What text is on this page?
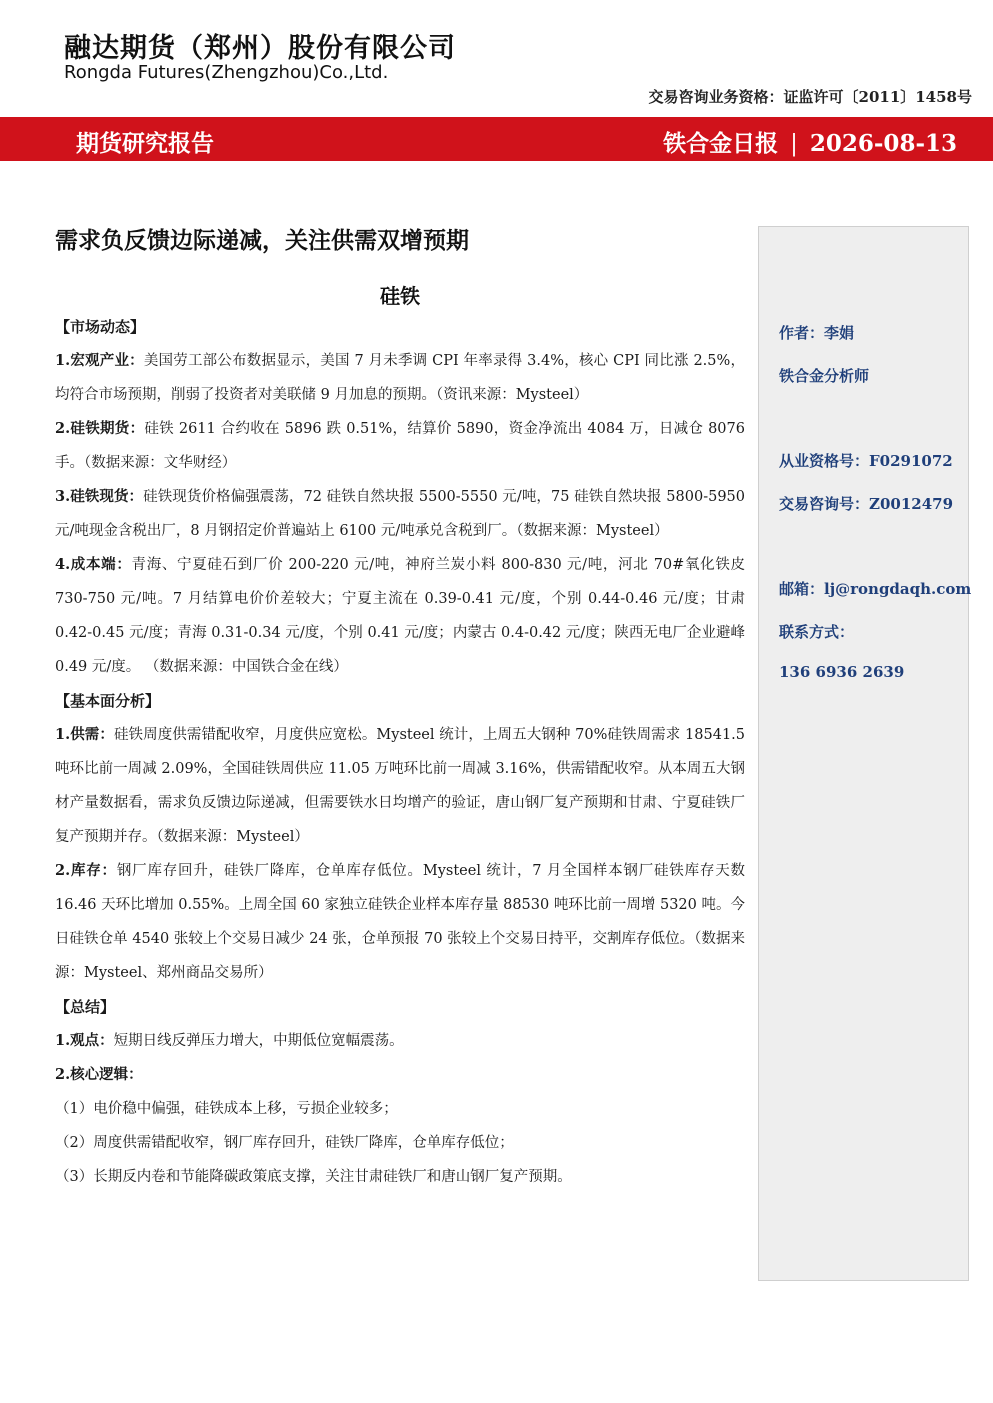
融达期货（郑州）股份有限公司
Rongda Futures(Zhengzhou)Co.,Ltd.
交易咨询业务资格：证监许可〔2011〕1458号
期货研究报告	铁合金日报 | 2026-08-13
需求负反馈边际递减，关注供需双增预期
硅铁
【市场动态】
1.宏观产业：美国劳工部公布数据显示，美国 7 月未季调 CPI 年率录得 3.4%，核心 CPI 同比涨 2.5%，均符合市场预期，削弱了投资者对美联储 9 月加息的预期。（资讯来源：Mysteel）
2.硅铁期货：硅铁 2611 合约收在 5896 跌 0.51%，结算价 5890，资金净流出 4084 万，日减仓 8076 手。（数据来源：文华财经）
3.硅铁现货：硅铁现货价格偏强震荡，72 硅铁自然块报 5500-5550 元/吨，75 硅铁自然块报 5800-5950 元/吨现金含税出厂，8 月钢招定价普遍站上 6100 元/吨承兑含税到厂。（数据来源：Mysteel）
4.成本端：青海、宁夏硅石到厂价 200-220 元/吨，神府兰炭小料 800-830 元/吨，河北 70#氧化铁皮 730-750 元/吨。7 月结算电价价差较大；宁夏主流在 0.39-0.41 元/度，个别 0.44-0.46 元/度；甘肃 0.42-0.45 元/度；青海 0.31-0.34 元/度，个别 0.41 元/度；内蒙古 0.4-0.42 元/度；陕西无电厂企业避峰 0.49 元/度。 （数据来源：中国铁合金在线）
【基本面分析】
1.供需：硅铁周度供需错配收窄，月度供应宽松。Mysteel 统计，上周五大钢种 70%硅铁周需求 18541.5 吨环比前一周减 2.09%，全国硅铁周供应 11.05 万吨环比前一周减 3.16%，供需错配收窄。从本周五大钢材产量数据看，需求负反馈边际递减，但需要铁水日均增产的验证，唐山钢厂复产预期和甘肃、宁夏硅铁厂复产预期并存。（数据来源：Mysteel）
2.库存：钢厂库存回升，硅铁厂降库，仓单库存低位。Mysteel 统计，7 月全国样本钢厂硅铁库存天数 16.46 天环比增加 0.55%。上周全国 60 家独立硅铁企业样本库存量 88530 吨环比前一周增 5320 吨。今日硅铁仓单 4540 张较上个交易日减少 24 张，仓单预报 70 张较上个交易日持平，交割库存低位。（数据来源：Mysteel、郑州商品交易所）
【总结】
1.观点：短期日线反弹压力增大，中期低位宽幅震荡。
2.核心逻辑：
（1）电价稳中偏强，硅铁成本上移，亏损企业较多；
（2）周度供需错配收窄，钢厂库存回升，硅铁厂降库，仓单库存低位；
（3）长期反内卷和节能降碳政策底支撑，关注甘肃硅铁厂和唐山钢厂复产预期。
作者：李娟
铁合金分析师
从业资格号：F0291072
交易咨询号：Z0012479
邮箱：lj@rongdaqh.com
联系方式：
136 6936 2639
